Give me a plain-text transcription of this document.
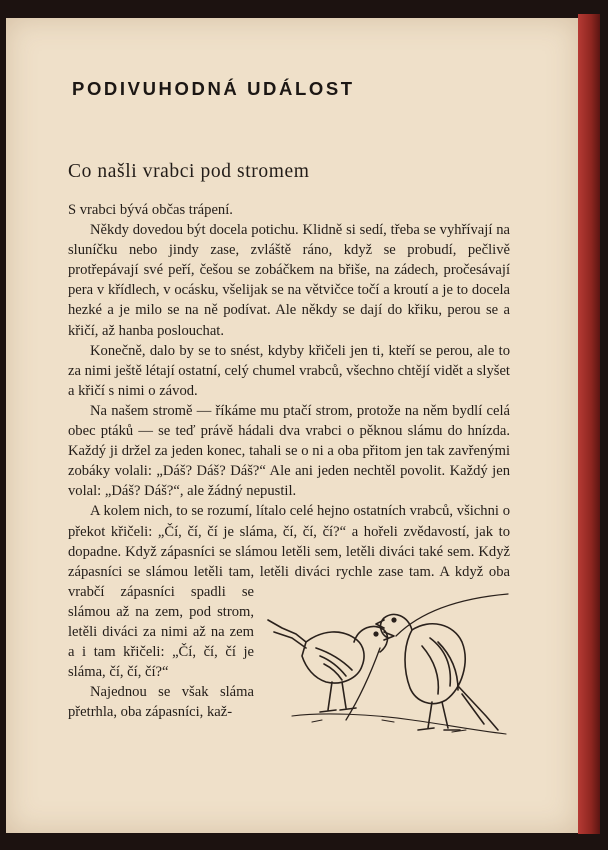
PODIVUHODNÁ UDÁLOST
Co našli vrabci pod stromem

S vrabci bývá občas trápení.

Někdy dovedou být docela potichu. Klidně si sedí, třeba se vyhřívají na sluníčku nebo jindy zase, zvláště ráno, když se probudí, pečlivě protřepávají své peří, češou se zobáčkem na břiše, na zádech, pročesávají pera v křídlech, v ocásku, všelijak se na větvičce točí a kroutí a je to docela hezké a je milo se na ně podívat. Ale někdy se dají do křiku, perou se a křičí, až hanba poslouchat.

Konečně, dalo by se to snést, kdyby křičeli jen ti, kteří se perou, ale to za nimi ještě létají ostatní, celý chumel vrabců, všechno chtějí vidět a slyšet a křičí s nimi o závod.

Na našem stromě — říkáme mu ptačí strom, protože na něm bydlí celá obec ptáků — se teď právě hádali dva vrabci o pěknou slámu do hnízda. Každý ji držel za jeden konec, tahali se o ni a oba přitom jen tak zavřenými zobáky volali: „Dáš? Dáš? Dáš?“ Ale ani jeden nechtěl povolit. Každý jen volal: „Dáš? Dáš?“, ale žádný nepustil.

A kolem nich, to se rozumí, lítalo celé hejno ostatních vrabců, všichni o překot křičeli: „Čí, čí, čí je sláma, čí, čí, čí?“ a hořeli zvědavostí, jak to dopadne. Když zápasníci se slámou letěli sem, letěli diváci také sem. Když zápasníci se slámou letěli tam, letěli diváci rychle zase tam. A když oba
vrabčí zápasníci spadli se slámou až na zem, pod strom, letěli diváci za nimi až na zem a i tam křičeli: „Čí, čí, čí je sláma, čí, čí, čí?“

Najednou se však sláma přetrhla, oba zápasníci, kaž-
